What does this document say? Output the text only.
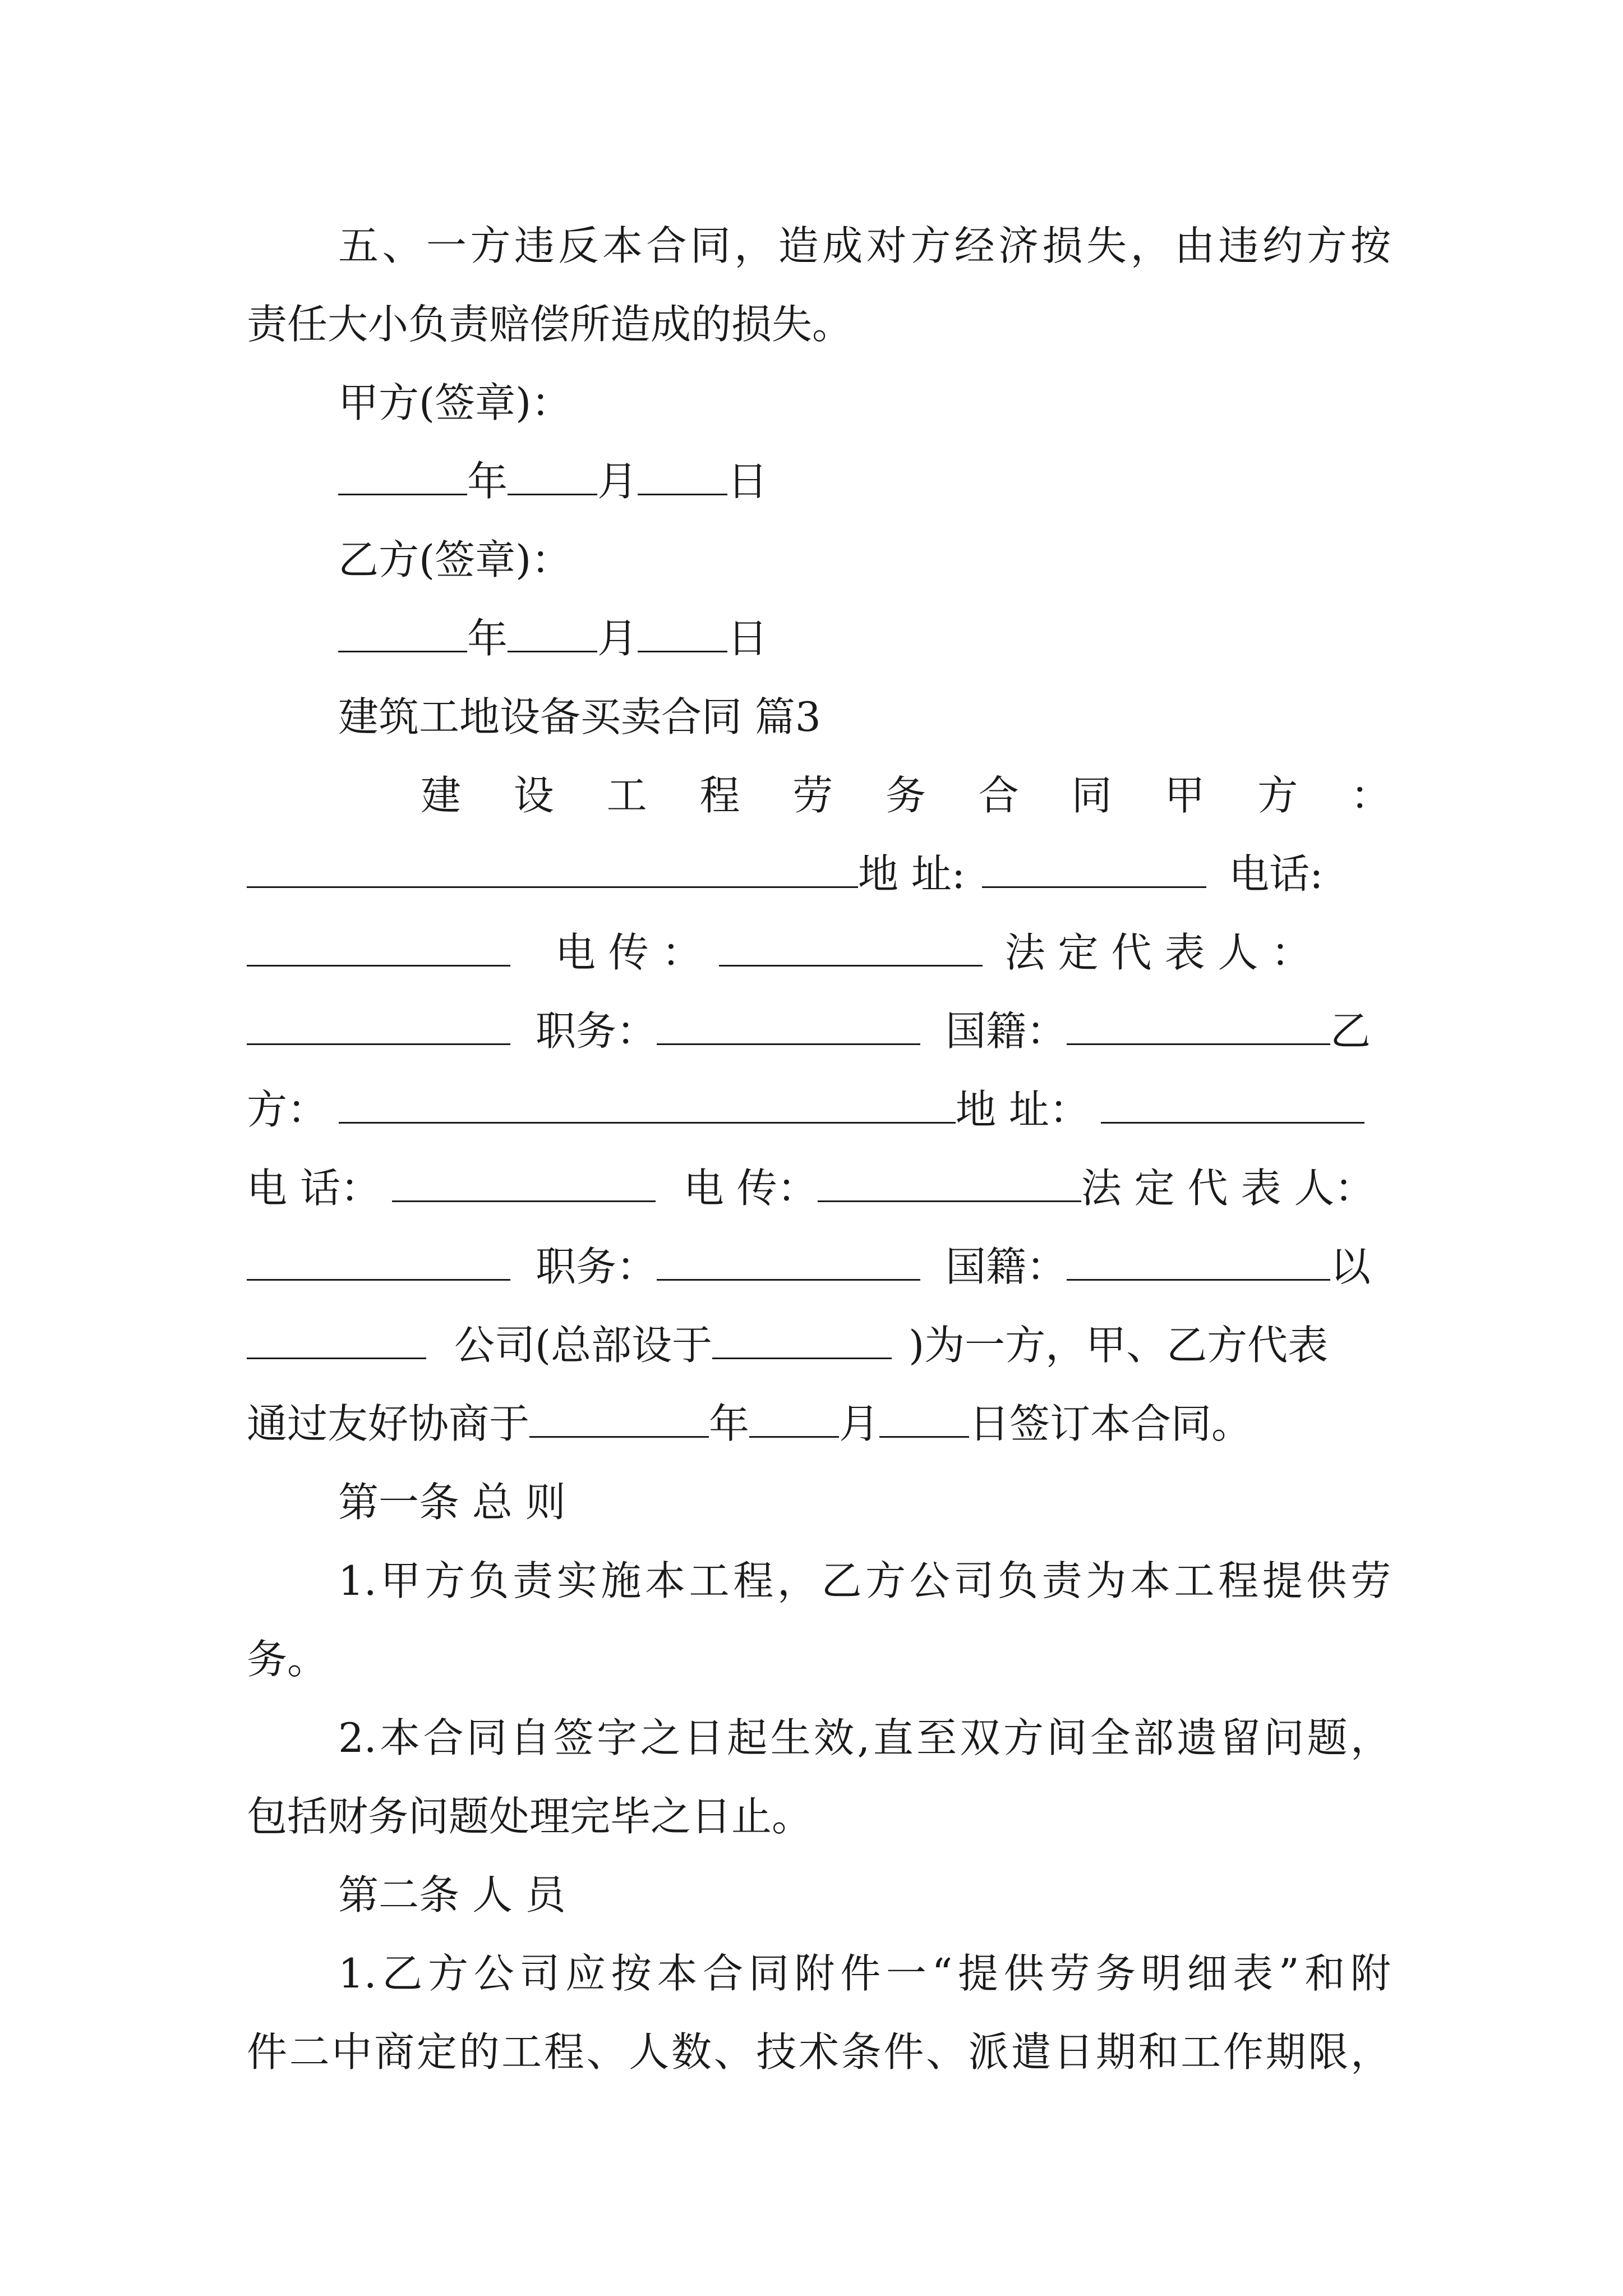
五、一方违反本合同，造成对方经济损失，由违约方按
责任大小负责赔偿所造成的损失。
甲方(签章)：
年 月 日
乙方(签章)：
年 月 日
建筑工地设备买卖合同 篇3
建 设 工 程 劳 务 合 同 甲 方 ：
地 址:	电话:
电 传 ：	法 定 代 表 人 ：
职务：	国籍：	乙
方：	地 址：
电 话：	电 传：	法 定 代 表 人：
职务：	国籍：	以
公司(总部设于	)为一方，甲、乙方代表
通过友好协商于	年 月 日签订本合同。
第一条 总 则
1.甲方负责实施本工程，乙方公司负责为本工程提供劳
务。
2.本合同自签字之日起生效,直至双方间全部遗留问题，
包括财务问题处理完毕之日止。
第二条 人 员
1.乙方公司应按本合同附件一“提供劳务明细表”和附
件二中商定的工程、人数、技术条件、派遣日期和工作期限，
